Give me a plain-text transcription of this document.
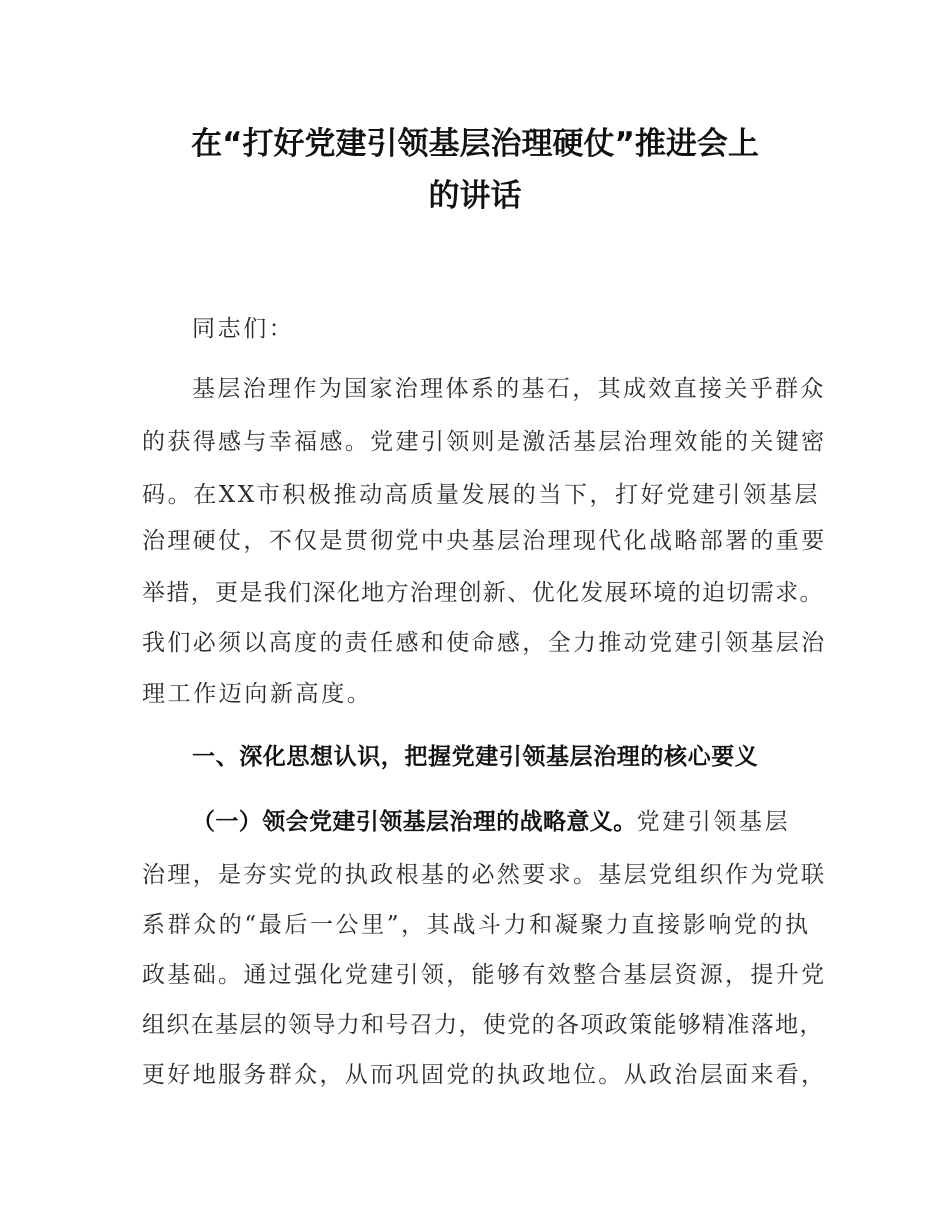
在“打好党建引领基层治理硬仗”推进会上
的讲话
同志们：
基层治理作为国家治理体系的基石，其成效直接关乎群众
的获得感与幸福感。党建引领则是激活基层治理效能的关键密
码。在XX市积极推动高质量发展的当下，打好党建引领基层
治理硬仗，不仅是贯彻党中央基层治理现代化战略部署的重要
举措，更是我们深化地方治理创新、优化发展环境的迫切需求。
我们必须以高度的责任感和使命感，全力推动党建引领基层治
理工作迈向新高度。
一、深化思想认识，把握党建引领基层治理的核心要义
（一）领会党建引领基层治理的战略意义。党建引领基层
治理，是夯实党的执政根基的必然要求。基层党组织作为党联
系群众的“最后一公里”，其战斗力和凝聚力直接影响党的执
政基础。通过强化党建引领，能够有效整合基层资源，提升党
组织在基层的领导力和号召力，使党的各项政策能够精准落地，
更好地服务群众，从而巩固党的执政地位。从政治层面来看，
